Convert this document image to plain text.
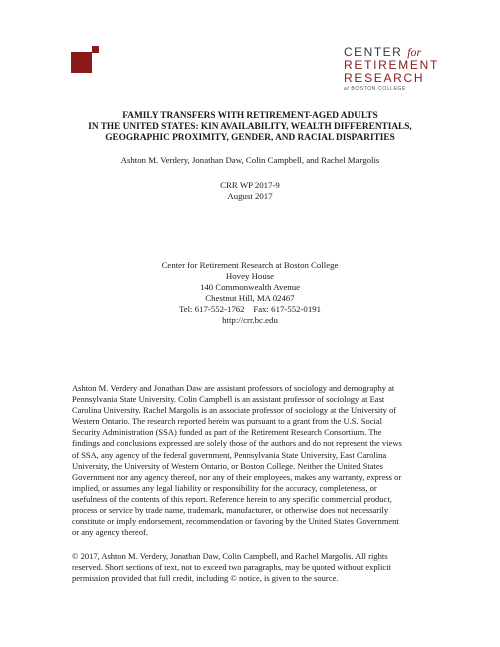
CENTER for
RETIREMENT
RESEARCH
at BOSTON COLLEGE
FAMILY TRANSFERS WITH RETIREMENT-AGED ADULTS
IN THE UNITED STATES: KIN AVAILABILITY, WEALTH DIFFERENTIALS,
GEOGRAPHIC PROXIMITY, GENDER, AND RACIAL DISPARITIES
Ashton M. Verdery, Jonathan Daw, Colin Campbell, and Rachel Margolis
CRR WP 2017-9
August 2017
Center for Retirement Research at Boston College
Hovey House
140 Commonwealth Avenue
Chestnut Hill, MA 02467
Tel: 617-552-1762    Fax: 617-552-0191
http://crr.bc.edu
Ashton M. Verdery and Jonathan Daw are assistant professors of sociology and demography at
Pennsylvania State University. Colin Campbell is an assistant professor of sociology at East
Carolina University. Rachel Margolis is an associate professor of sociology at the University of
Western Ontario. The research reported herein was pursuant to a grant from the U.S. Social
Security Administration (SSA) funded as part of the Retirement Research Consortium. The
findings and conclusions expressed are solely those of the authors and do not represent the views
of SSA, any agency of the federal government, Pennsylvania State University, East Carolina
University, the University of Western Ontario, or Boston College. Neither the United States
Government nor any agency thereof, nor any of their employees, makes any warranty, express or
implied, or assumes any legal liability or responsibility for the accuracy, completeness, or
usefulness of the contents of this report. Reference herein to any specific commercial product,
process or service by trade name, trademark, manufacturer, or otherwise does not necessarily
constitute or imply endorsement, recommendation or favoring by the United States Government
or any agency thereof.
© 2017, Ashton M. Verdery, Jonathan Daw, Colin Campbell, and Rachel Margolis. All rights
reserved. Short sections of text, not to exceed two paragraphs, may be quoted without explicit
permission provided that full credit, including © notice, is given to the source.
